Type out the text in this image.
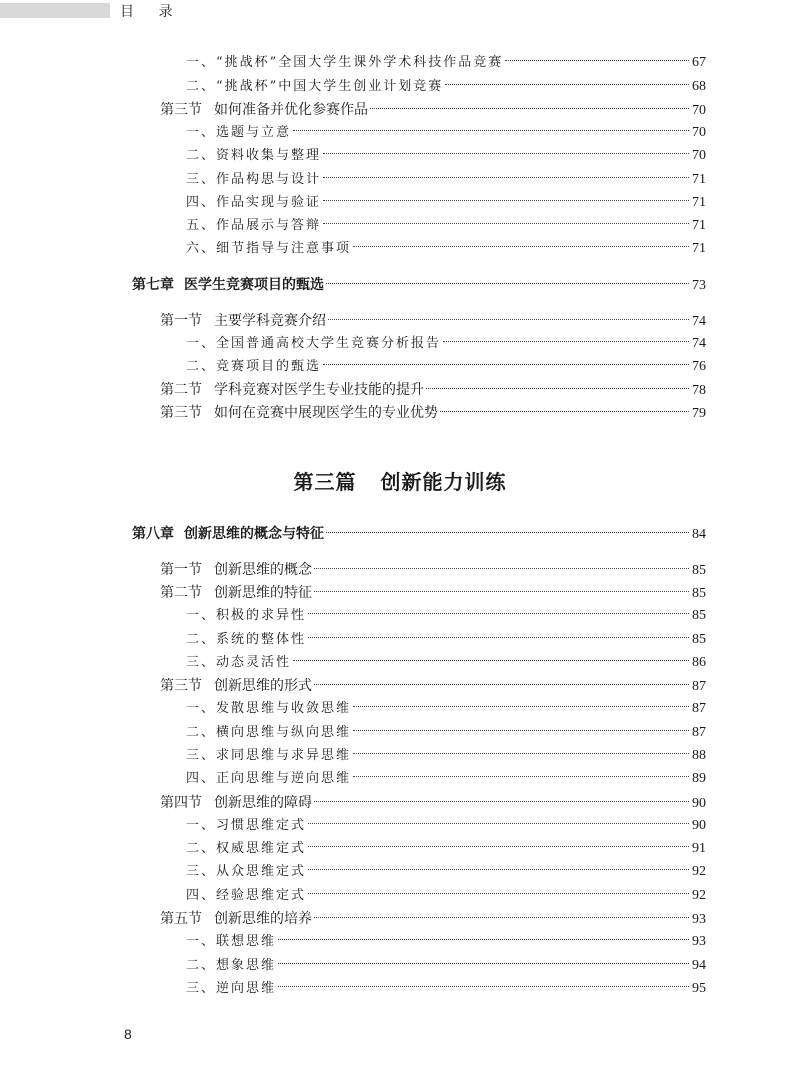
目 录
一、“挑战杯”全国大学生课外学术科技作品竞赛	67
二、“挑战杯”中国大学生创业计划竞赛	68
第三节 如何准备并优化参赛作品	70
一、选题与立意	70
二、资料收集与整理	70
三、作品构思与设计	71
四、作品实现与验证	71
五、作品展示与答辩	71
六、细节指导与注意事项	71
第七章 医学生竞赛项目的甄选	73
第一节 主要学科竞赛介绍	74
一、全国普通高校大学生竞赛分析报告	74
二、竞赛项目的甄选	76
第二节 学科竞赛对医学生专业技能的提升	78
第三节 如何在竞赛中展现医学生的专业优势	79
第三篇 创新能力训练
第八章 创新思维的概念与特征	84
第一节 创新思维的概念	85
第二节 创新思维的特征	85
一、积极的求异性	85
二、系统的整体性	85
三、动态灵活性	86
第三节 创新思维的形式	87
一、发散思维与收敛思维	87
二、横向思维与纵向思维	87
三、求同思维与求异思维	88
四、正向思维与逆向思维	89
第四节 创新思维的障碍	90
一、习惯思维定式	90
二、权威思维定式	91
三、从众思维定式	92
四、经验思维定式	92
第五节 创新思维的培养	93
一、联想思维	93
二、想象思维	94
三、逆向思维	95
8
